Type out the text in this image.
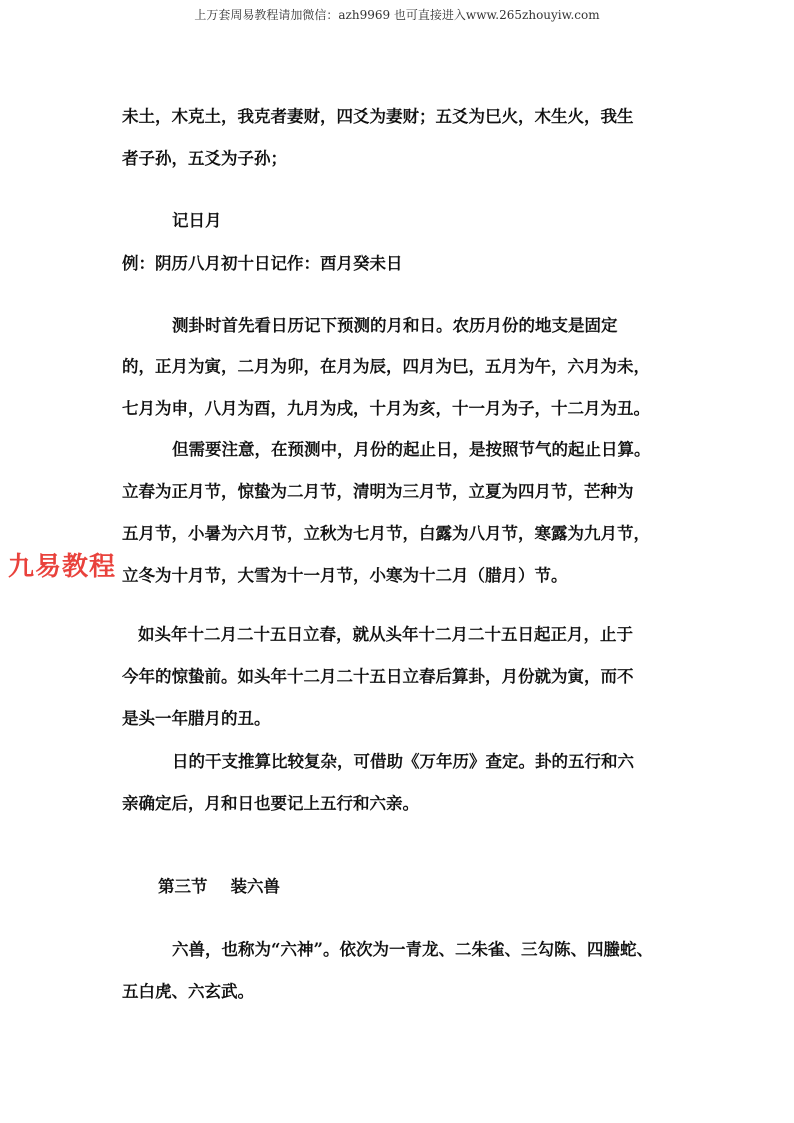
上万套周易教程请加微信：azh9969 也可直接进入www.265zhouyiw.com
未土，木克土，我克者妻财，四爻为妻财；五爻为巳火，木生火，我生
者子孙，五爻为子孙；
记日月
例：阴历八月初十日记作：酉月癸未日
测卦时首先看日历记下预测的月和日。农历月份的地支是固定
的，正月为寅，二月为卯，在月为辰，四月为巳，五月为午，六月为未，
七月为申，八月为酉，九月为戌，十月为亥，十一月为子，十二月为丑。
但需要注意，在预测中，月份的起止日，是按照节气的起止日算。
立春为正月节，惊蛰为二月节，清明为三月节，立夏为四月节，芒种为
五月节，小暑为六月节，立秋为七月节，白露为八月节，寒露为九月节，
立冬为十月节，大雪为十一月节，小寒为十二月（腊月）节。
如头年十二月二十五日立春，就从头年十二月二十五日起正月，止于
今年的惊蛰前。如头年十二月二十五日立春后算卦，月份就为寅，而不
是头一年腊月的丑。
日的干支推算比较复杂，可借助《万年历》查定。卦的五行和六
亲确定后，月和日也要记上五行和六亲。
第三节    装六兽
六兽，也称为“六神”。依次为一青龙、二朱雀、三勾陈、四螣蛇、
五白虎、六玄武。
九易教程
